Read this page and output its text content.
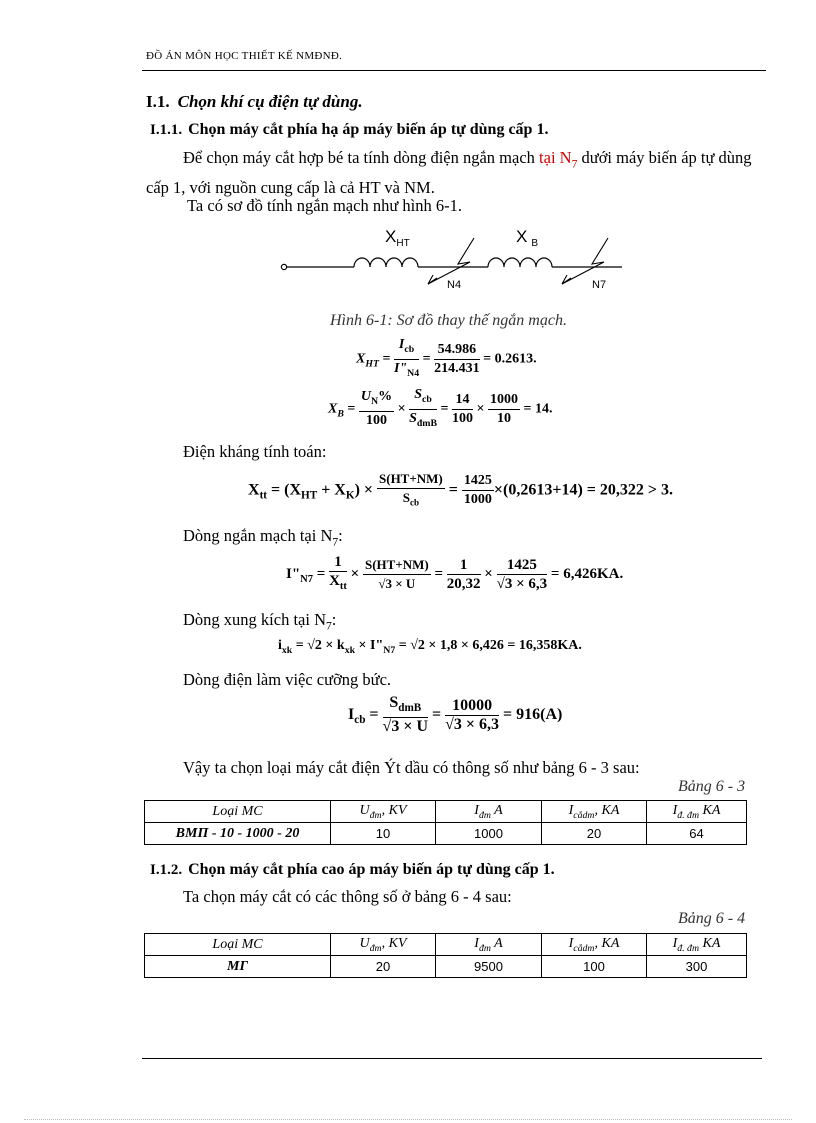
ĐỒ ÁN MÔN HỌC THIẾT KẾ NMĐNĐ.
I.1. Chọn khí cụ điện tự dùng.
I.1.1. Chọn máy cắt phía hạ áp máy biến áp tự dùng cấp 1.
Để chọn máy cắt hợp bé ta tính dòng điện ngắn mạch tại $N_7$ dưới máy biến áp tự dùng cấp 1, với nguồn cung cấp là cả HT và NM.
Ta có sơ đồ tính ngắn mạch như hình 6-1.
$X_{HT}$	X $_B$
N4	N7
Hình 6-1: Sơ đồ thay thế ngắn mạch.
$X_{HT} = \frac{I_{cb}}{I"_{N4}} = \frac{54.986}{214.431} = 0.2613$.
$X_B = \frac{U_N\%}{100} \times \frac{S_{cb}}{S_{đmB}} = \frac{14}{100} \times \frac{1000}{10} = 14$.
Điện kháng tính toán:
$X_{tt} = (X_{HT} + X_K) \times \frac{S(HT+NM)}{S_{cb}} = \frac{1425}{1000} \times(0,2613+14) = 20,322 > 3$.
Dòng ngắn mạch tại $N_7$:
$I"_{N7} = \frac{1}{X_{tt}} \times \frac{S(HT+NM)}{√3 \times U} = \frac{1}{20,32} \times \frac{1425}{√3 \times 6,3} = 6,426KA$.
Dòng xung kích tại $N_7$:
$i_{xk} = √2 \times k_{xk}$ × $I"_{N7} = √2 \times 1,8 \times 6,426 = 16,358KA$.
Dòng điện làm việc cưỡng bức.
$I_{cb} = \frac{S_{dmB}}{√3 \times U} = \frac{10000}{√3 \times 6,3} = 916(A)$
Vậy ta chọn loại máy cắt điện Ýt dầu có thông số như bảng 6 - 3 sau:
Bảng 6 - 3
Loại MC	$U_{đm}$, KV	$I_{đm}$ A	$I_{cắdm}$, KA	$I_{đ. đm}$ KA
BMΠ - 10 - 1000 - 20	10	1000	20	64
I.1.2. Chọn máy cắt phía cao áp máy biến áp tự dùng cấp 1.
Ta chọn máy cắt có các thông số ở bảng 6 - 4 sau:
Bảng 6 - 4
Loại MC	$U_{đm}$, KV	$I_{đm}$ A	$I_{cắdm}$, KA	$I_{đ. đm}$ KA
MΓ	20	9500	100	300
